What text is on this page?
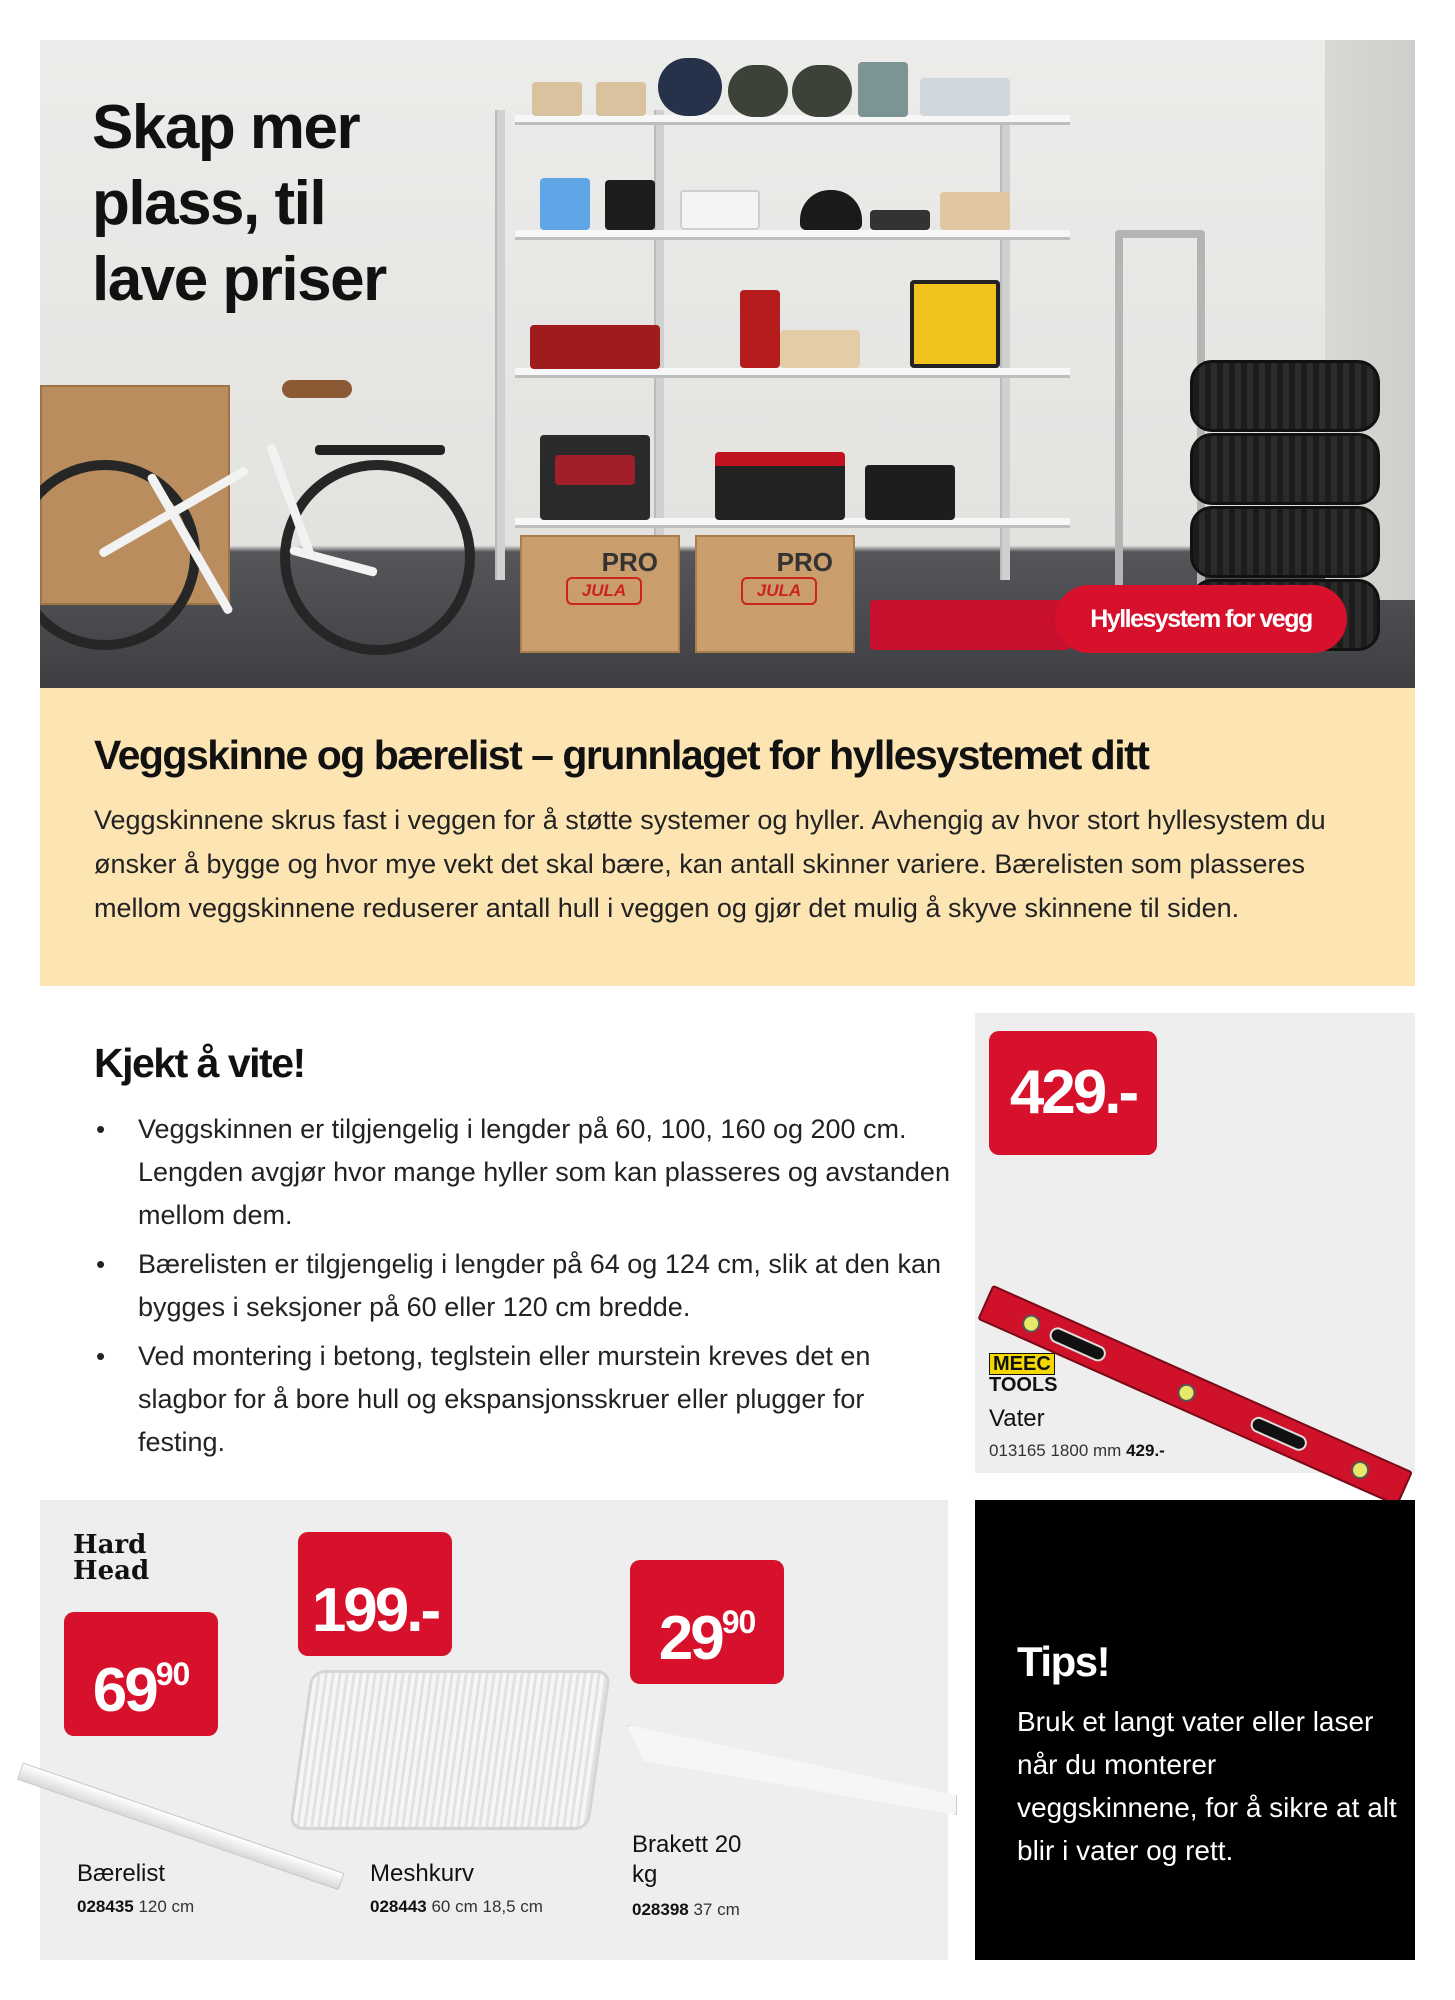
PRO
JULA
PRO
JULA
Skap mer plass, til lave priser
Hyllesystem for vegg
Veggskinne og bærelist – grunnlaget for hyllesystemet ditt

Veggskinnene skrus fast i veggen for å støtte systemer og hyller. Avhengig av hvor stort hyllesystem du ønsker å bygge og hvor mye vekt det skal bære, kan antall skinner variere. Bærelisten som plasseres mellom veggskinnene reduserer antall hull i veggen og gjør det mulig å skyve skinnene til siden.

Kjekt å vite!
• Veggskinnen er tilgjengelig i lengder på 60, 100, 160 og 200 cm. Lengden avgjør hvor mange hyller som kan plasseres og avstanden mellom dem.
• Bærelisten er tilgjengelig i lengder på 64 og 124 cm, slik at den kan bygges i seksjoner på 60 eller 120 cm bredde.
• Ved montering i betong, teglstein eller murstein kreves det en slagbor for å bore hull og ekspansjonsskruer eller plugger for festing.
429.-
MEEC
TOOLS
Vater
013165 1800 mm 429.-
Hard
Head
$69^{90}$
Bærelist
028435 120 cm
199.-
Meshkurv
028443 60 cm 18,5 cm
$29^{90}$
Brakett 20 kg
028398 37 cm
Tips!

Bruk et langt vater eller laser når du monterer veggskinnene, for å sikre at alt blir i vater og rett.
